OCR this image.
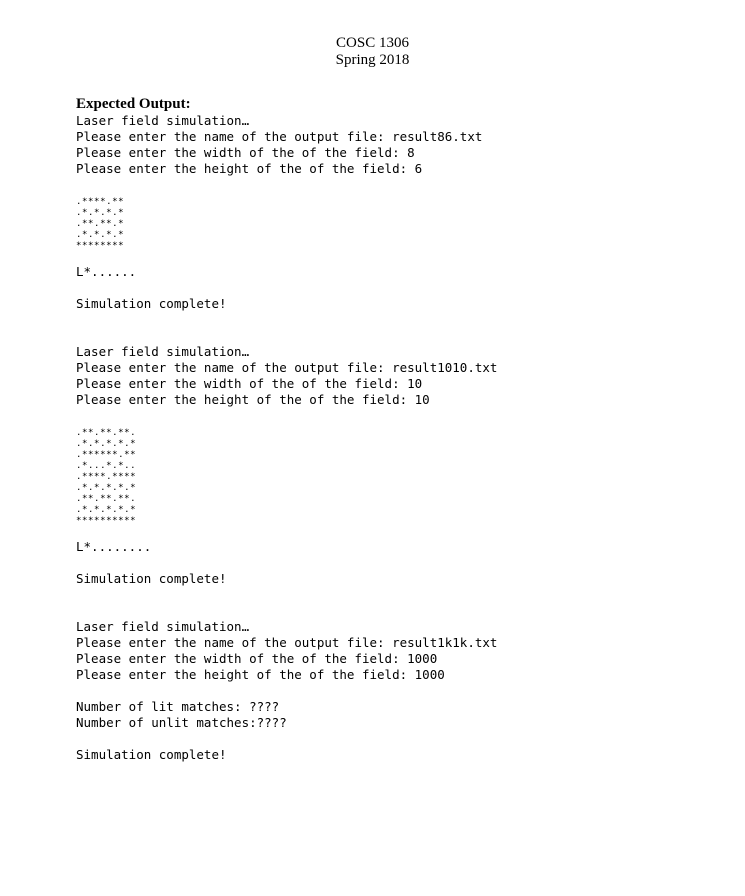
COSC 1306
Spring 2018
Expected Output:
Laser field simulation…
Please enter the name of the output file: result86.txt
Please enter the width of the of the field: 8
Please enter the height of the of the field: 6
.****.**
.*.*.*.*
.**.**.*
.*.*.*.*
********
L*......
Simulation complete!
Laser field simulation…
Please enter the name of the output file: result1010.txt
Please enter the width of the of the field: 10
Please enter the height of the of the field: 10
.**.**.**.
.*.*.*.*.*
.******.**
.*...*.*..
.****.****
.*.*.*.*.*
.**.**.**.
.*.*.*.*.*
**********
L*........
Simulation complete!
Laser field simulation…
Please enter the name of the output file: result1k1k.txt
Please enter the width of the of the field: 1000
Please enter the height of the of the field: 1000
Number of lit matches: ????
Number of unlit matches:????
Simulation complete!
